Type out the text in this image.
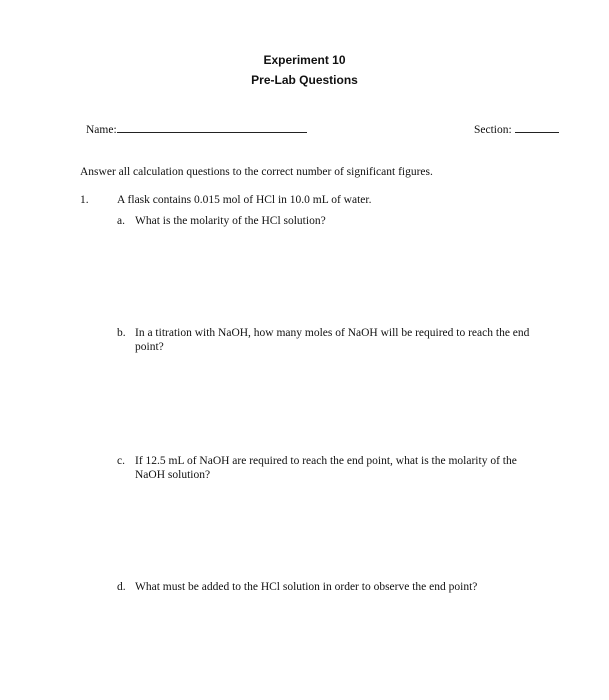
Experiment 10
Pre-Lab Questions
Name:	Section:
Answer all calculation questions to the correct number of significant figures.
1. A flask contains 0.015 mol of HCl in 10.0 mL of water.
a. What is the molarity of the HCl solution?
b. In a titration with NaOH, how many moles of NaOH will be required to reach the end point?
c. If 12.5 mL of NaOH are required to reach the end point, what is the molarity of the NaOH solution?
d. What must be added to the HCl solution in order to observe the end point?
